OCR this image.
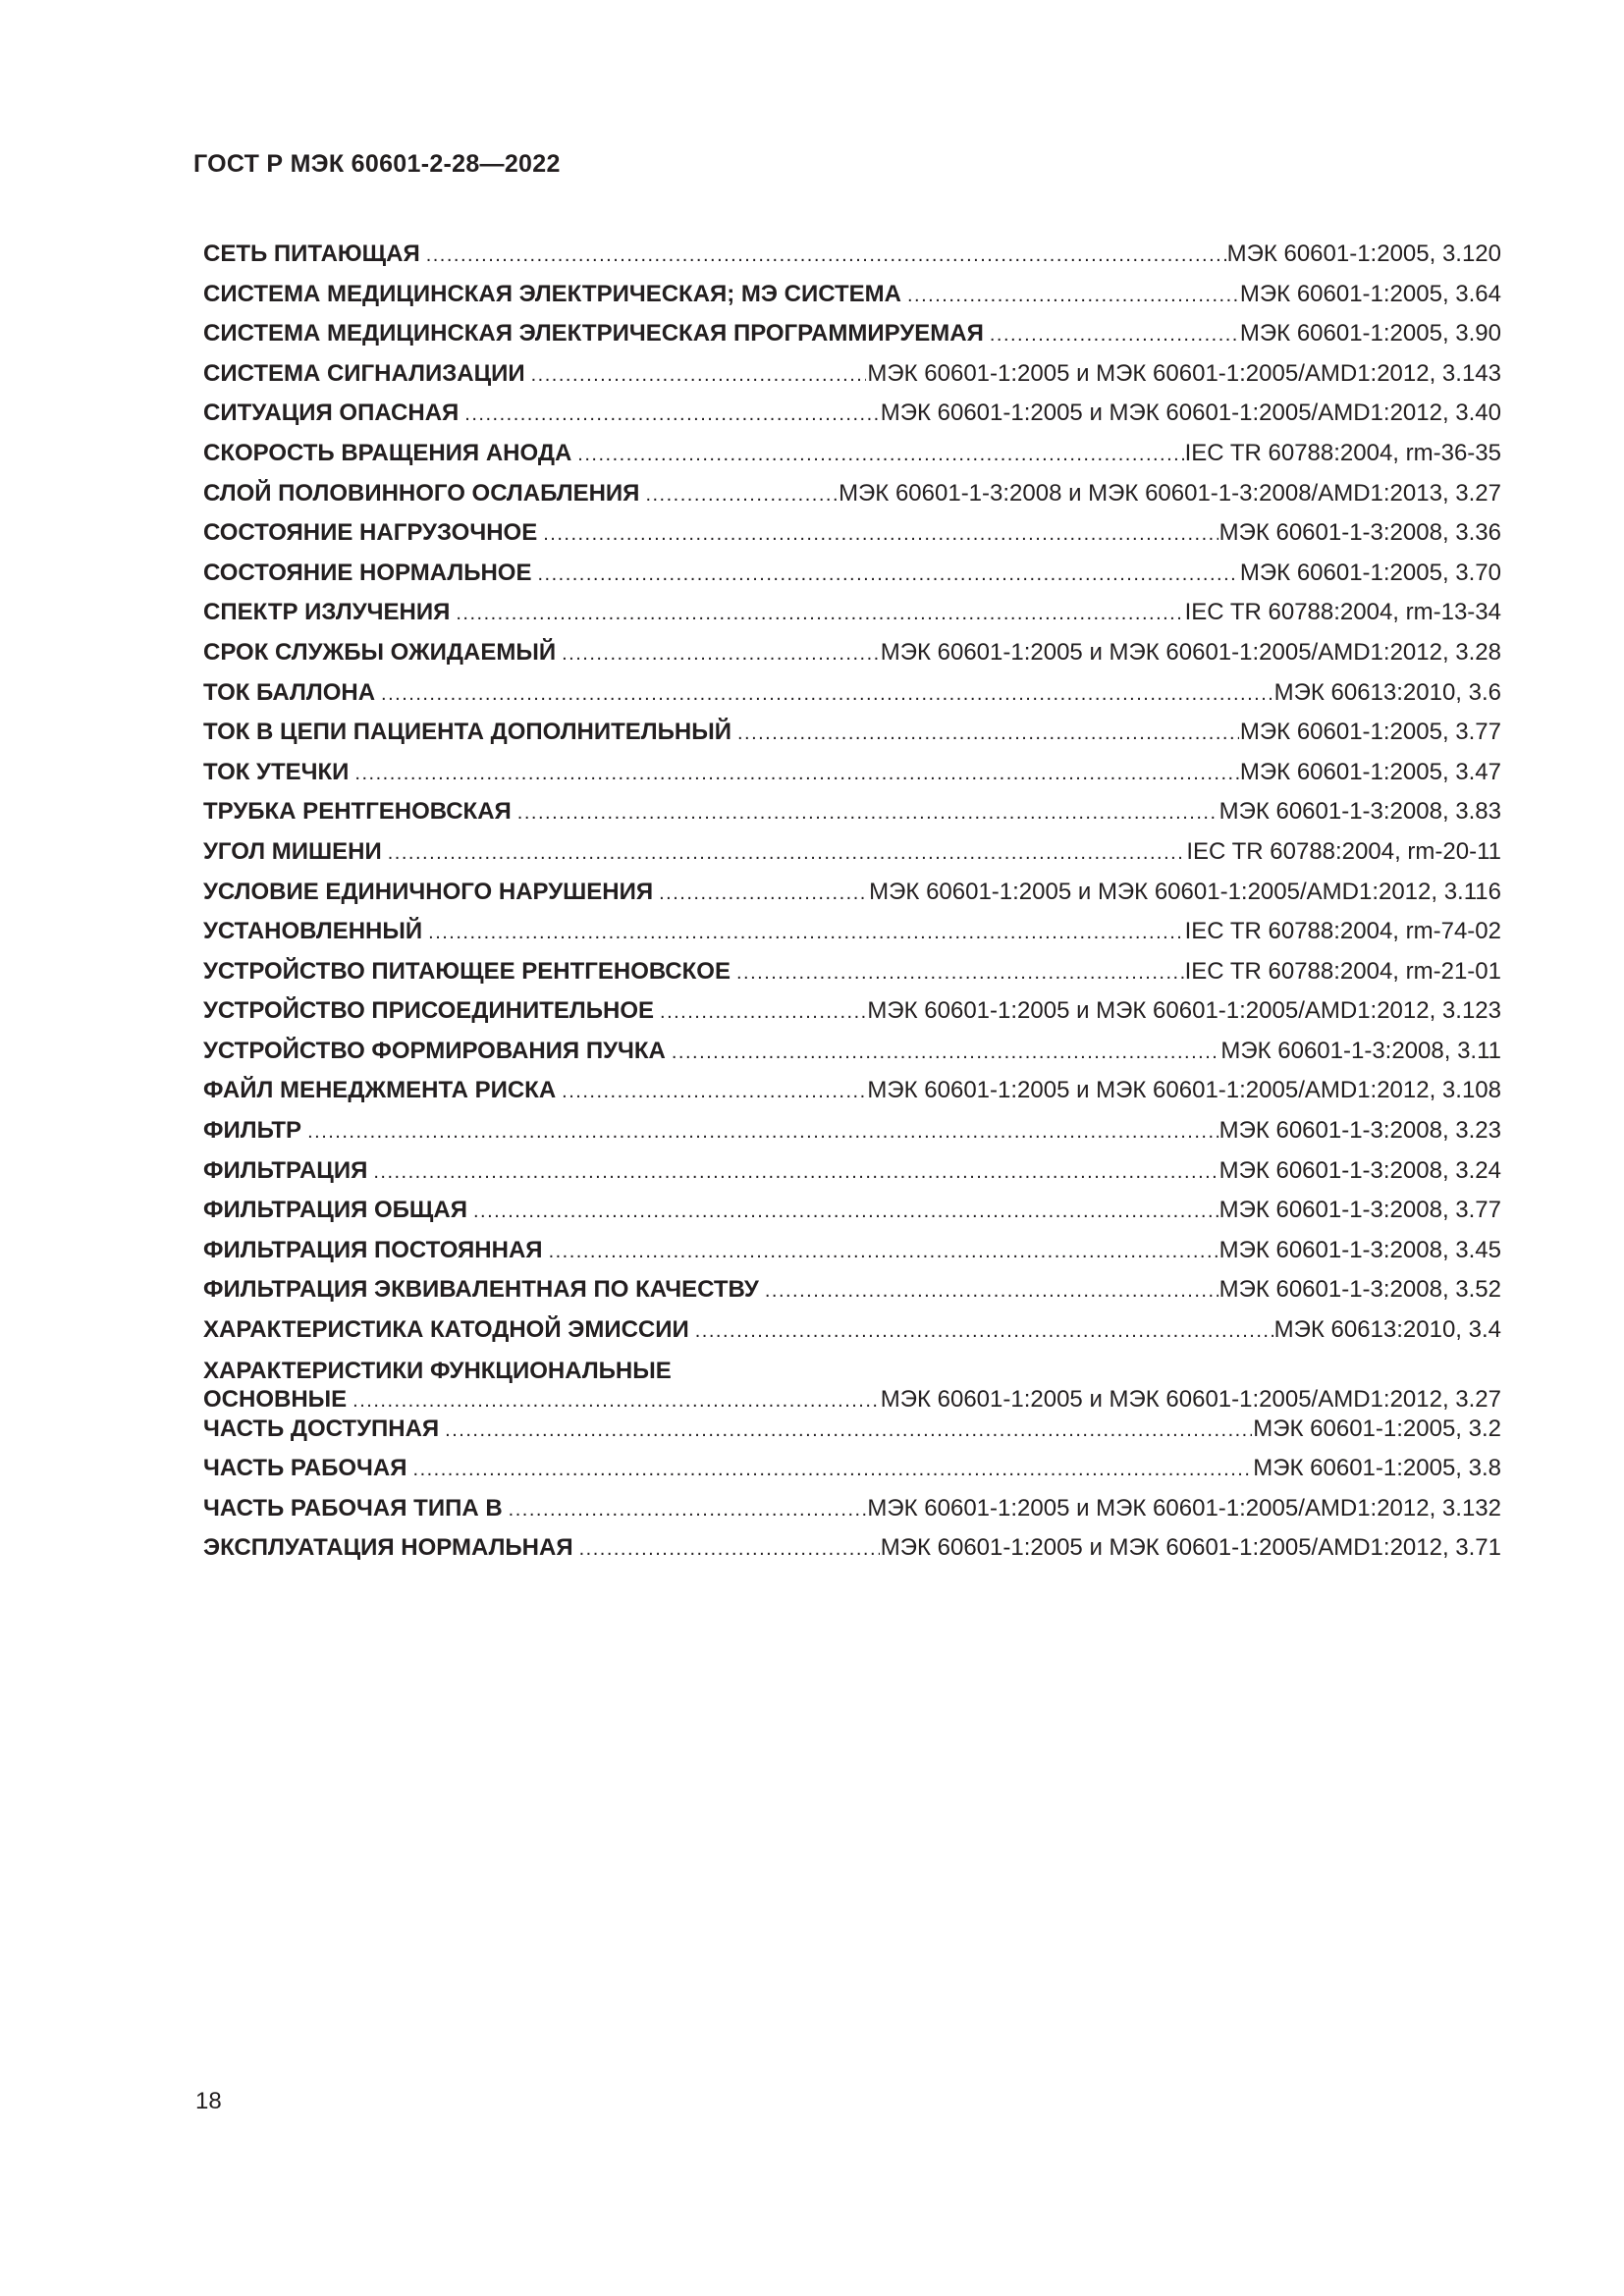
ГОСТ Р МЭК 60601-2-28—2022
СЕТЬ ПИТАЮЩАЯ .....	МЭК 60601-1:2005, 3.120
СИСТЕМА МЕДИЦИНСКАЯ ЭЛЕКТРИЧЕСКАЯ; МЭ СИСТЕМА .....	МЭК 60601-1:2005, 3.64
СИСТЕМА МЕДИЦИНСКАЯ ЭЛЕКТРИЧЕСКАЯ ПРОГРАММИРУЕМАЯ .....	МЭК 60601-1:2005, 3.90
СИСТЕМА СИГНАЛИЗАЦИИ .....	МЭК 60601-1:2005 и МЭК 60601-1:2005/AMD1:2012, 3.143
СИТУАЦИЯ ОПАСНАЯ .....	МЭК 60601-1:2005 и МЭК 60601-1:2005/AMD1:2012, 3.40
СКОРОСТЬ ВРАЩЕНИЯ АНОДА .....	IEC TR 60788:2004, rm-36-35
СЛОЙ ПОЛОВИННОГО ОСЛАБЛЕНИЯ .....	МЭК 60601-1-3:2008 и МЭК 60601-1-3:2008/AMD1:2013, 3.27
СОСТОЯНИЕ НАГРУЗОЧНОЕ .....	МЭК 60601-1-3:2008, 3.36
СОСТОЯНИЕ НОРМАЛЬНОЕ .....	МЭК 60601-1:2005, 3.70
СПЕКТР ИЗЛУЧЕНИЯ .....	IEC TR 60788:2004, rm-13-34
СРОК СЛУЖБЫ ОЖИДАЕМЫЙ .....	МЭК 60601-1:2005 и МЭК 60601-1:2005/AMD1:2012, 3.28
ТОК БАЛЛОНА .....	МЭК 60613:2010, 3.6
ТОК В ЦЕПИ ПАЦИЕНТА ДОПОЛНИТЕЛЬНЫЙ .....	МЭК 60601-1:2005, 3.77
ТОК УТЕЧКИ .....	МЭК 60601-1:2005, 3.47
ТРУБКА РЕНТГЕНОВСКАЯ .....	МЭК 60601-1-3:2008, 3.83
УГОЛ МИШЕНИ .....	IEC TR 60788:2004, rm-20-11
УСЛОВИЕ ЕДИНИЧНОГО НАРУШЕНИЯ .....	МЭК 60601-1:2005 и МЭК 60601-1:2005/AMD1:2012, 3.116
УСТАНОВЛЕННЫЙ .....	IEC TR 60788:2004, rm-74-02
УСТРОЙСТВО ПИТАЮЩЕЕ РЕНТГЕНОВСКОЕ .....	IEC TR 60788:2004, rm-21-01
УСТРОЙСТВО ПРИСОЕДИНИТЕЛЬНОЕ .....	МЭК 60601-1:2005 и МЭК 60601-1:2005/AMD1:2012, 3.123
УСТРОЙСТВО ФОРМИРОВАНИЯ ПУЧКА .....	МЭК 60601-1-3:2008, 3.11
ФАЙЛ МЕНЕДЖМЕНТА РИСКА .....	МЭК 60601-1:2005 и МЭК 60601-1:2005/AMD1:2012, 3.108
ФИЛЬТР .....	МЭК 60601-1-3:2008, 3.23
ФИЛЬТРАЦИЯ .....	МЭК 60601-1-3:2008, 3.24
ФИЛЬТРАЦИЯ ОБЩАЯ .....	МЭК 60601-1-3:2008, 3.77
ФИЛЬТРАЦИЯ ПОСТОЯННАЯ .....	МЭК 60601-1-3:2008, 3.45
ФИЛЬТРАЦИЯ ЭКВИВАЛЕНТНАЯ ПО КАЧЕСТВУ .....	МЭК 60601-1-3:2008, 3.52
ХАРАКТЕРИСТИКА КАТОДНОЙ ЭМИССИИ .....	МЭК 60613:2010, 3.4
ХАРАКТЕРИСТИКИ ФУНКЦИОНАЛЬНЫЕ
ОСНОВНЫЕ .....	МЭК 60601-1:2005 и МЭК 60601-1:2005/AMD1:2012, 3.27
ЧАСТЬ ДОСТУПНАЯ .....	МЭК 60601-1:2005, 3.2
ЧАСТЬ РАБОЧАЯ .....	МЭК 60601-1:2005, 3.8
ЧАСТЬ РАБОЧАЯ ТИПА B .....	МЭК 60601-1:2005 и МЭК 60601-1:2005/AMD1:2012, 3.132
ЭКСПЛУАТАЦИЯ НОРМАЛЬНАЯ .....	МЭК 60601-1:2005 и МЭК 60601-1:2005/AMD1:2012, 3.71
18
